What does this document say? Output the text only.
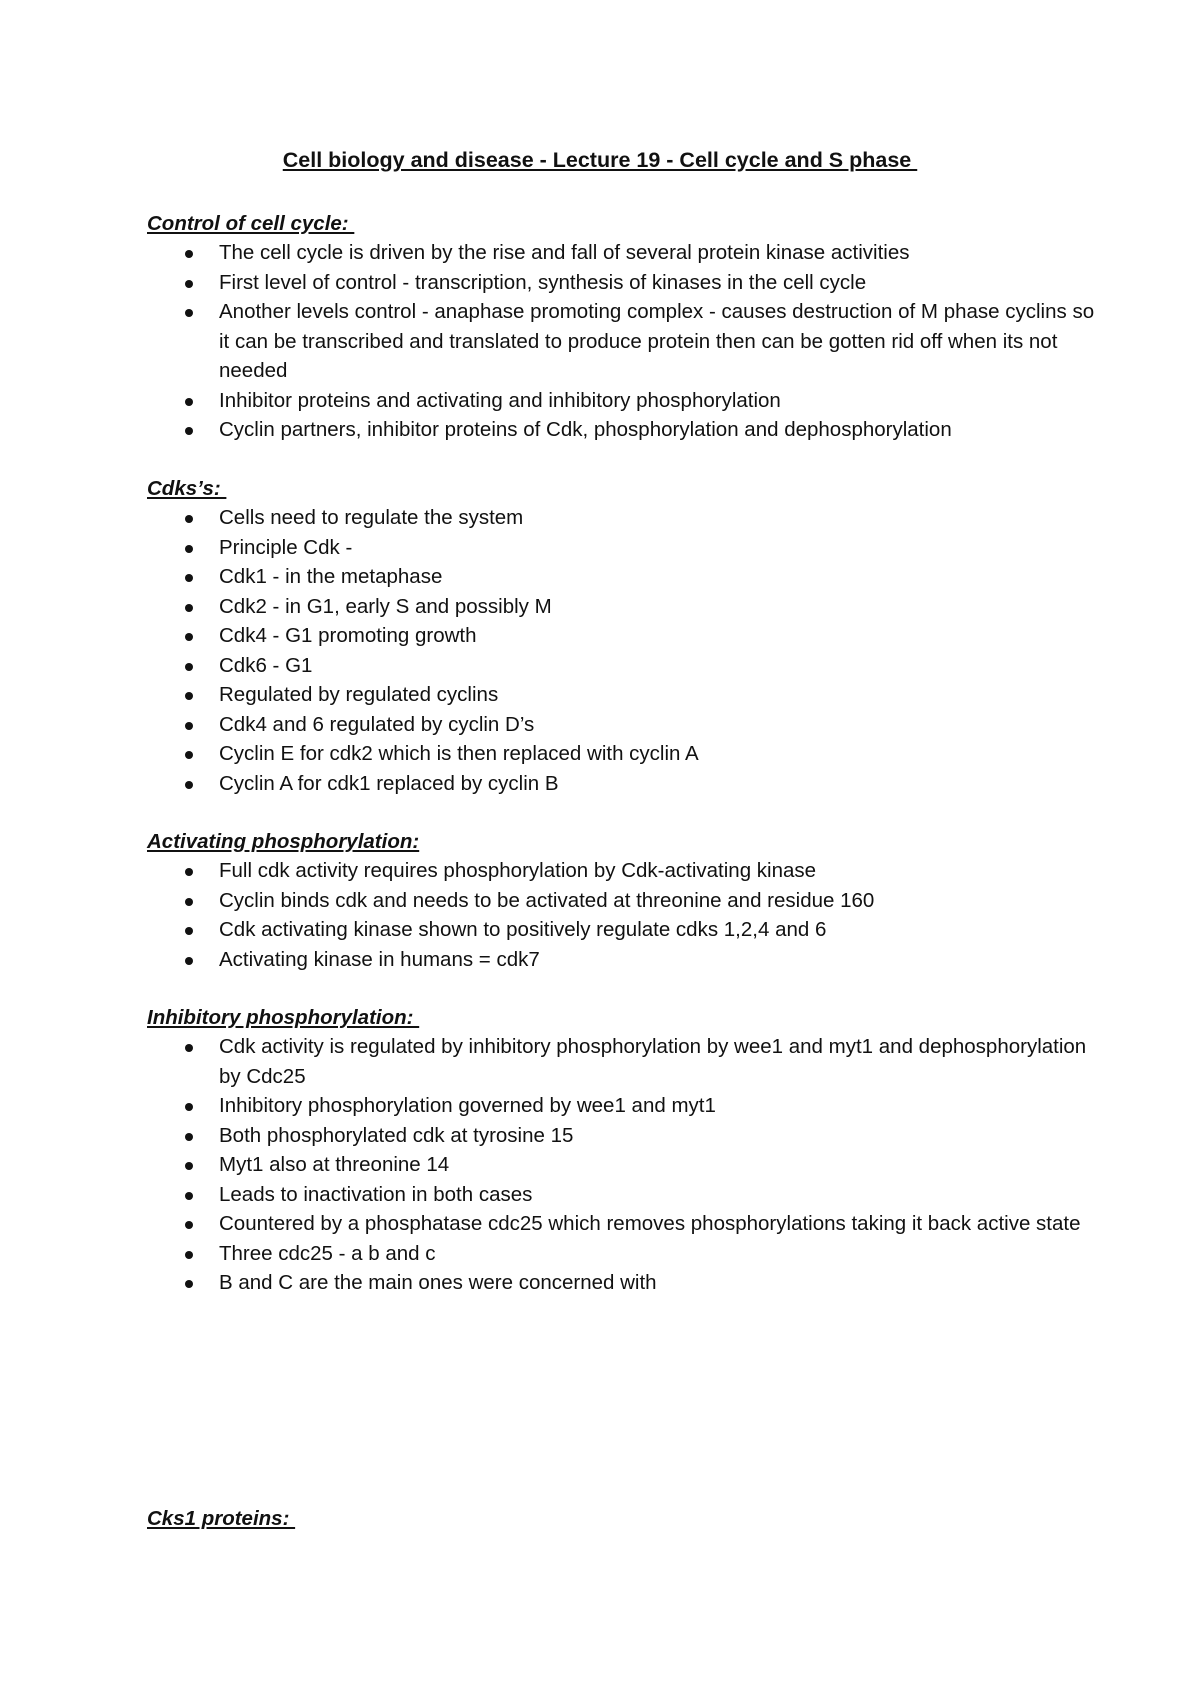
Cell biology and disease - Lecture 19 - Cell cycle and S phase
Control of cell cycle:
The cell cycle is driven by the rise and fall of several protein kinase activities
First level of control - transcription, synthesis of kinases in the cell cycle
Another levels control - anaphase promoting complex - causes destruction of M phase cyclins so it can be transcribed and translated to produce protein then can be gotten rid off when its not needed
Inhibitor proteins and activating and inhibitory phosphorylation
Cyclin partners, inhibitor proteins of Cdk, phosphorylation and dephosphorylation
Cdks’s:
Cells need to regulate the system
Principle Cdk -
Cdk1 - in the metaphase
Cdk2 - in G1, early S and possibly M
Cdk4 - G1 promoting growth
Cdk6 - G1
Regulated by regulated cyclins
Cdk4 and 6 regulated by cyclin D’s
Cyclin E for cdk2 which is then replaced with cyclin A
Cyclin A for cdk1 replaced by cyclin B
Activating phosphorylation:
Full cdk activity requires phosphorylation by Cdk-activating kinase
Cyclin binds cdk and needs to be activated at threonine and residue 160
Cdk activating kinase shown to positively regulate cdks 1,2,4 and 6
Activating kinase in humans = cdk7
Inhibitory phosphorylation:
Cdk activity is regulated by inhibitory phosphorylation by wee1 and myt1 and dephosphorylation by Cdc25
Inhibitory phosphorylation governed by wee1 and myt1
Both phosphorylated cdk at tyrosine 15
Myt1 also at threonine 14
Leads to inactivation in both cases
Countered by a phosphatase cdc25 which removes phosphorylations taking it back active state
Three cdc25 - a b and c
B and C are the main ones were concerned with
Cks1 proteins:
